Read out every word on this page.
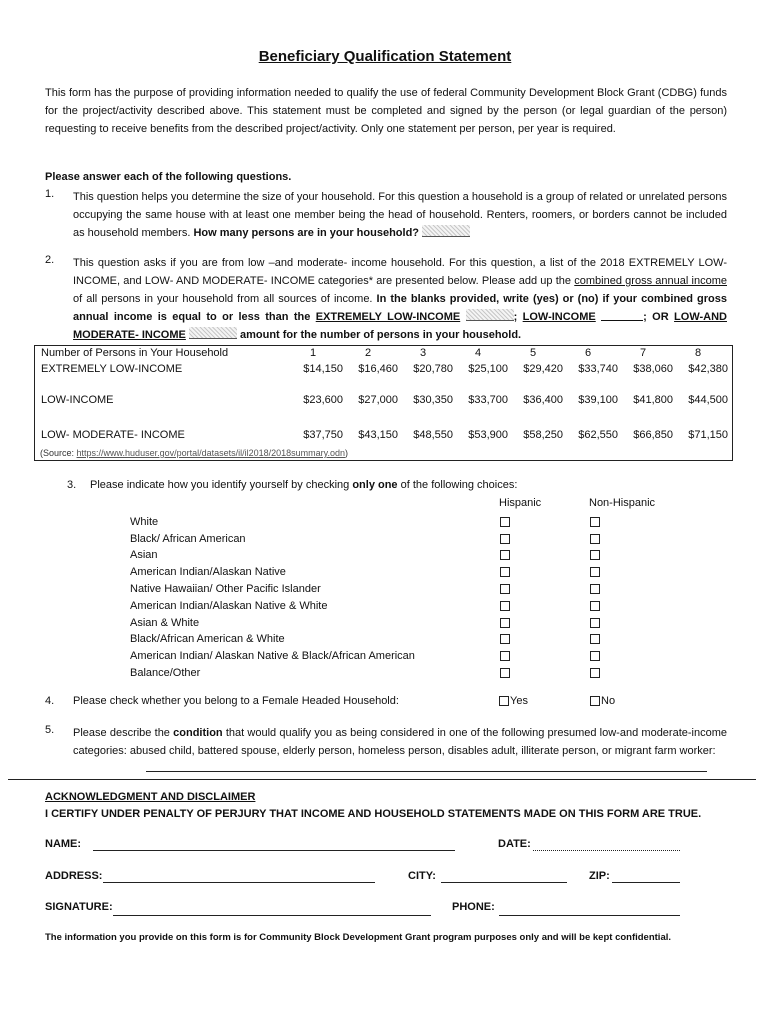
Beneficiary Qualification Statement
This form has the purpose of providing information needed to qualify the use of federal Community Development Block Grant (CDBG) funds for the project/activity described above. This statement must be completed and signed by the person (or legal guardian of the person) requesting to receive benefits from the described project/activity. Only one statement per person, per year is required.
Please answer each of the following questions.
1. This question helps you determine the size of your household. For this question a household is a group of related or unrelated persons occupying the same house with at least one member being the head of household. Renters, roomers, or borders cannot be included as household members. How many persons are in your household?
2. This question asks if you are from low –and moderate- income household. For this question, a list of the 2018 EXTREMELY LOW- INCOME, and LOW- AND MODERATE- INCOME categories* are presented below. Please add up the combined gross annual income of all persons in your household from all sources of income. In the blanks provided, write (yes) or (no) if your combined gross annual income is equal to or less than the EXTREMELY LOW-INCOME	; LOW-INCOME	; OR LOW-AND MODERATE- INCOME	amount for the number of persons in your household.
Number of Persons in Your Household	1	2	3	4	5	6	7	8
EXTREMELY LOW-INCOME	$14,150	$16,460	$20,780	$25,100	$29,420	$33,740	$38,060	$42,380
LOW-INCOME	$23,600	$27,000	$30,350	$33,700	$36,400	$39,100	$41,800	$44,500
LOW- MODERATE- INCOME	$37,750	$43,150	$48,550	$53,900	$58,250	$62,550	$66,850	$71,150
(Source: https://www.huduser.gov/portal/datasets/il/il2018/2018summary.odn)
3. Please indicate how you identify yourself by checking only one of the following choices:
Hispanic	Non-Hispanic
White
Black/ African American
Asian
American Indian/Alaskan Native
Native Hawaiian/ Other Pacific Islander
American Indian/Alaskan Native & White
Asian & White
Black/African American & White
American Indian/ Alaskan Native & Black/African American
Balance/Other
4. Please check whether you belong to a Female Headed Household:	Yes	No
5. Please describe the condition that would qualify you as being considered in one of the following presumed low-and moderate-income categories: abused child, battered spouse, elderly person, homeless person, disables adult, illiterate person, or migrant farm worker:
ACKNOWLEDGMENT AND DISCLAIMER
I CERTIFY UNDER PENALTY OF PERJURY THAT INCOME AND HOUSEHOLD STATEMENTS MADE ON THIS FORM ARE TRUE.
NAME:	DATE:
ADDRESS:	CITY:	ZIP:
SIGNATURE:	PHONE:
The information you provide on this form is for Community Block Development Grant program purposes only and will be kept confidential.
